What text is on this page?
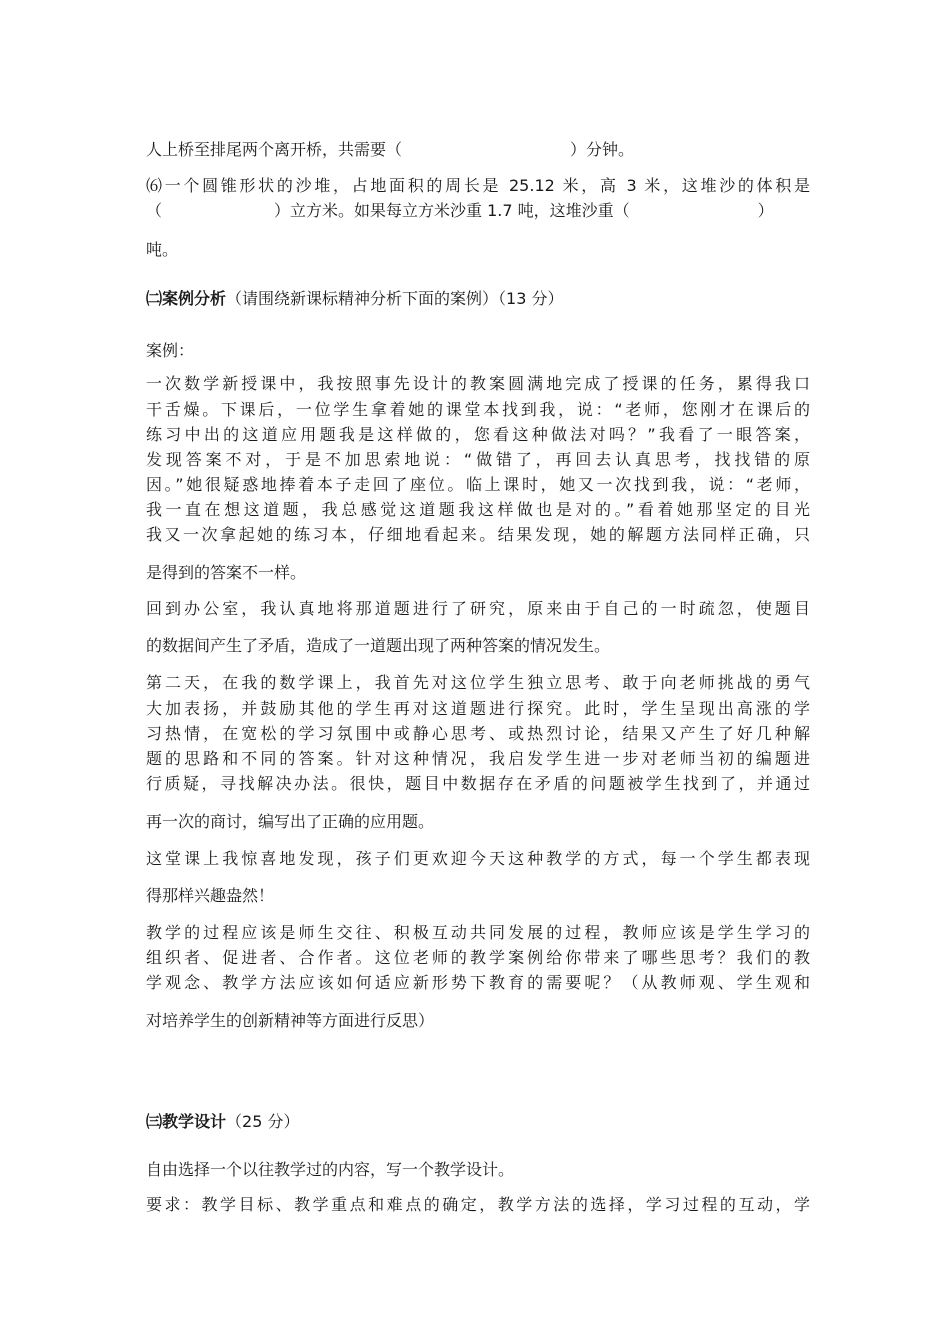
人上桥至排尾两个离开桥，共需要（	）分钟。
⑹一个圆锥形状的沙堆，占地面积的周长是 25.12 米，高 3 米，这堆沙的体积是
（	）立方米。如果每立方米沙重 1.7 吨，这堆沙重（	）
吨。
㈡案例分析（请围绕新课标精神分析下面的案例）（13 分）
案例：
一次数学新授课中，我按照事先设计的教案圆满地完成了授课的任务，累得我口
干舌燥。下课后，一位学生拿着她的课堂本找到我，说：“老师，您刚才在课后的
练习中出的这道应用题我是这样做的，您看这种做法对吗？”我看了一眼答案，
发现答案不对，于是不加思索地说：“做错了，再回去认真思考，找找错的原
因。”她很疑惑地捧着本子走回了座位。临上课时，她又一次找到我，说：“老师，
我一直在想这道题，我总感觉这道题我这样做也是对的。”看着她那坚定的目光
我又一次拿起她的练习本，仔细地看起来。结果发现，她的解题方法同样正确，只
是得到的答案不一样。
回到办公室，我认真地将那道题进行了研究，原来由于自己的一时疏忽，使题目
的数据间产生了矛盾，造成了一道题出现了两种答案的情况发生。
第二天，在我的数学课上，我首先对这位学生独立思考、敢于向老师挑战的勇气
大加表扬，并鼓励其他的学生再对这道题进行探究。此时，学生呈现出高涨的学
习热情，在宽松的学习氛围中或静心思考、或热烈讨论，结果又产生了好几种解
题的思路和不同的答案。针对这种情况，我启发学生进一步对老师当初的编题进
行质疑，寻找解决办法。很快，题目中数据存在矛盾的问题被学生找到了，并通过
再一次的商讨，编写出了正确的应用题。
这堂课上我惊喜地发现，孩子们更欢迎今天这种教学的方式，每一个学生都表现
得那样兴趣盎然！
教学的过程应该是师生交往、积极互动共同发展的过程，教师应该是学生学习的
组织者、促进者、合作者。这位老师的教学案例给你带来了哪些思考？我们的教
学观念、教学方法应该如何适应新形势下教育的需要呢？（从教师观、学生观和
对培养学生的创新精神等方面进行反思）
㈢教学设计（25 分）
自由选择一个以往教学过的内容，写一个教学设计。
要求：教学目标、教学重点和难点的确定，教学方法的选择，学习过程的互动，学
